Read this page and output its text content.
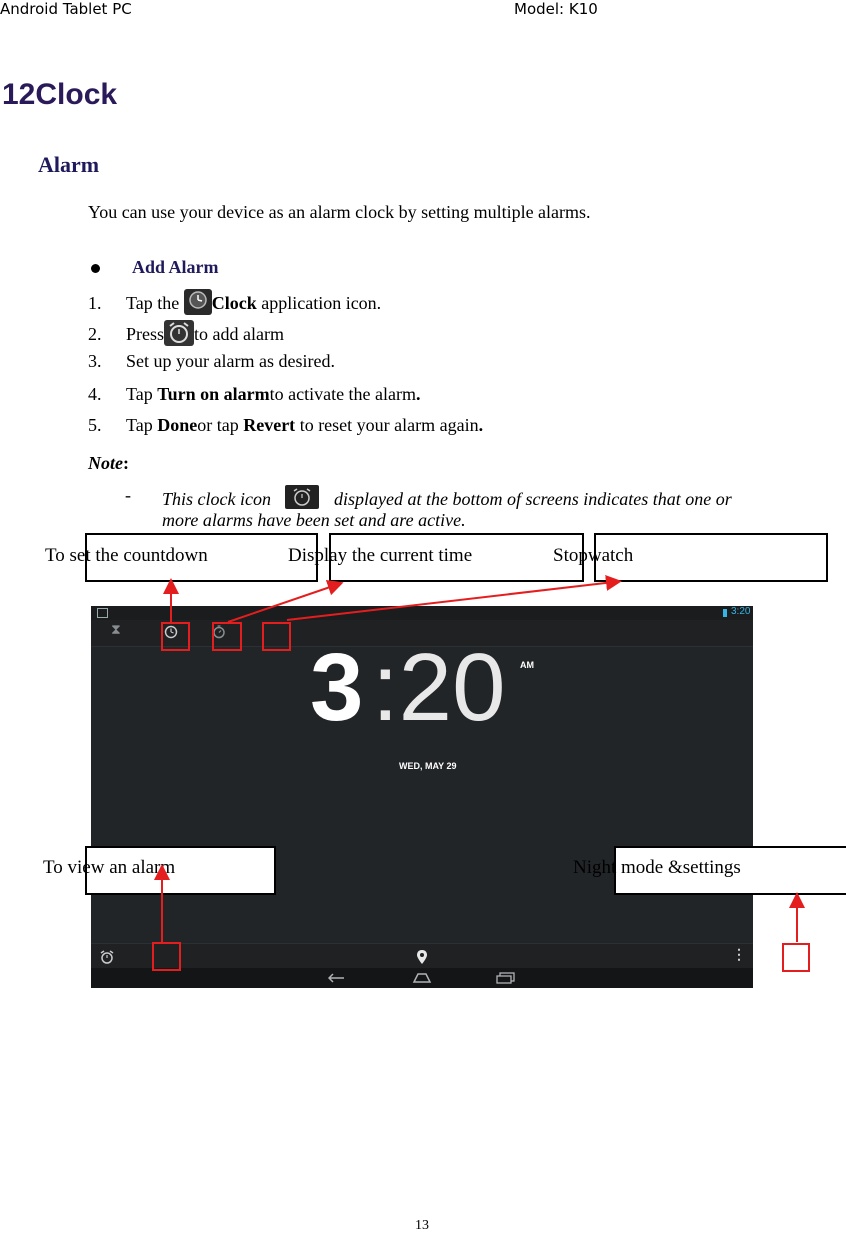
Android Tablet PC	Model: K10
12Clock
Alarm
You can use your device as an alarm clock by setting multiple alarms.
Add Alarm
1. Tap the Clock application icon.
2. Press to add alarm
3. Set up your alarm as desired.
4. Tap Turn on alarmto activate the alarm.
5. Tap Doneor tap Revert to reset your alarm again.
Note:
- This clock icon	displayed at the bottom of screens indicates that one or
more alarms have been set and are active.
To set the countdown	Display the current time	Stopwatch
3:20
⧗
3 :20 AM
WED, MAY 29
⋮
To view an alarm	Night mode &settings
13
